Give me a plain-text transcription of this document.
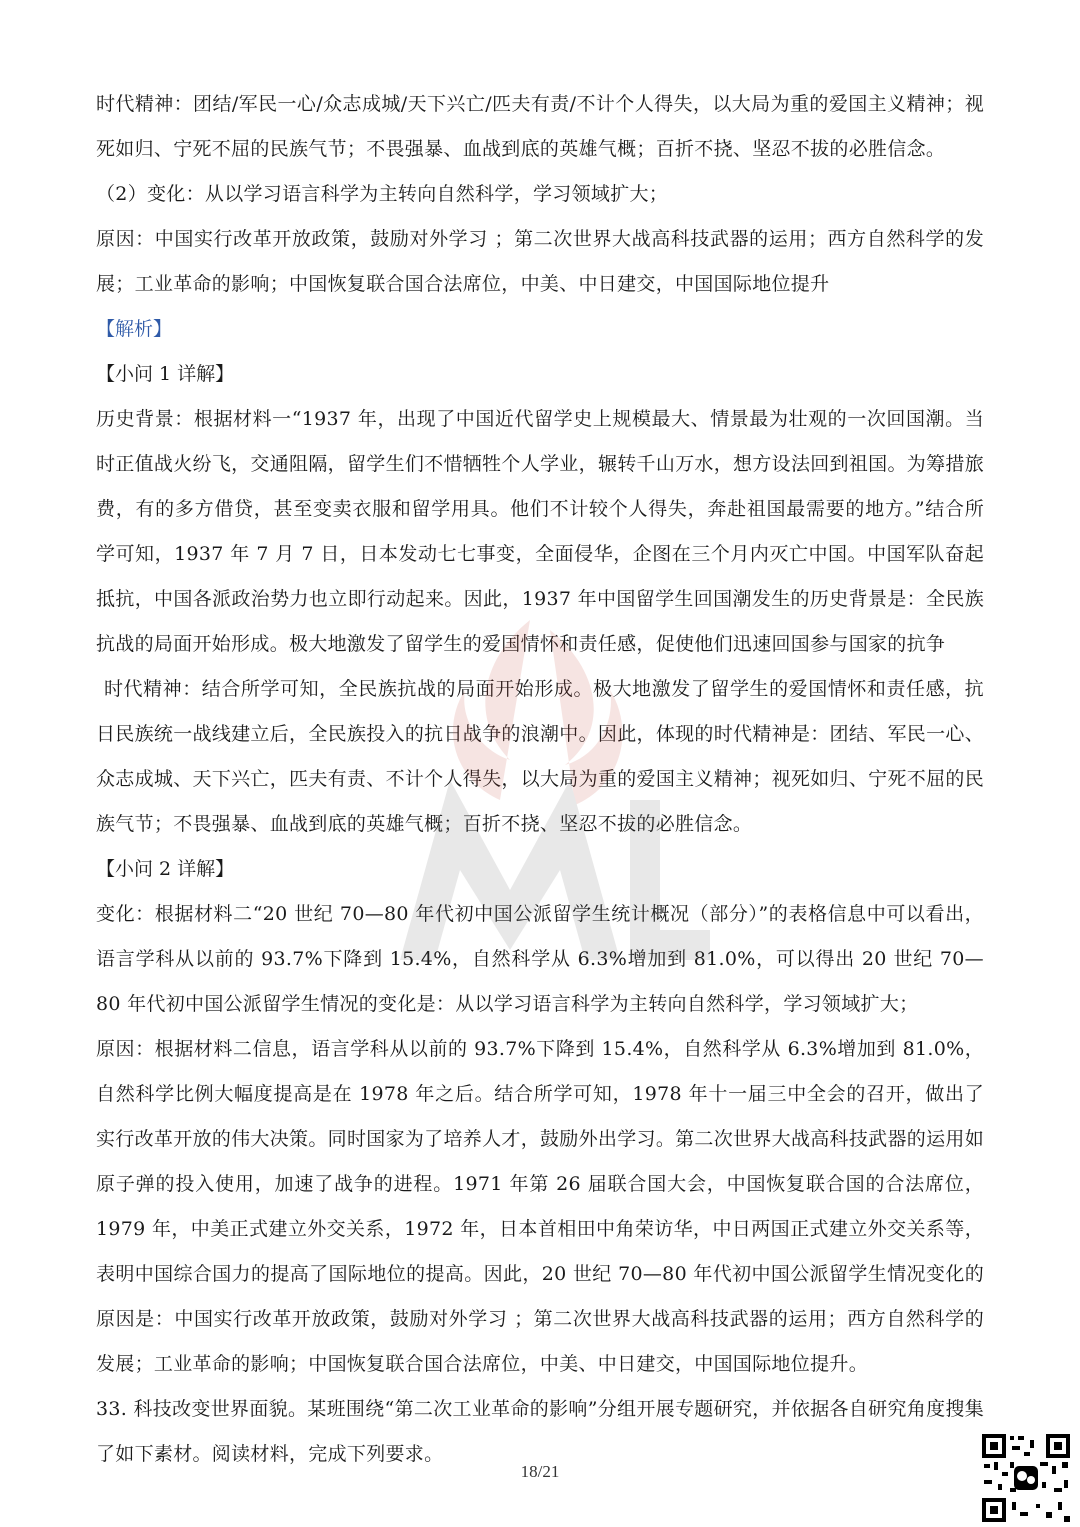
时代精神：团结/军民一心/众志成城/天下兴亡/匹夫有责/不计个人得失，以大局为重的爱国主义精神；视死如归、宁死不屈的民族气节；不畏强暴、血战到底的英雄气概；百折不挠、坚忍不拔的必胜信念。

（2）变化：从以学习语言科学为主转向自然科学，学习领域扩大；

原因：中国实行改革开放政策，鼓励对外学习 ；第二次世界大战高科技武器的运用；西方自然科学的发展；工业革命的影响；中国恢复联合国合法席位，中美、中日建交，中国国际地位提升

【解析】

【小问 1 详解】

历史背景：根据材料一“1937 年，出现了中国近代留学史上规模最大、情景最为壮观的一次回国潮。当时正值战火纷飞，交通阻隔，留学生们不惜牺牲个人学业，辗转千山万水，想方设法回到祖国。为筹措旅费，有的多方借贷，甚至变卖衣服和留学用具。他们不计较个人得失，奔赴祖国最需要的地方。”结合所学可知，1937 年 7 月 7 日，日本发动七七事变，全面侵华，企图在三个月内灭亡中国。中国军队奋起抵抗，中国各派政治势力也立即行动起来。因此，1937 年中国留学生回国潮发生的历史背景是：全民族抗战的局面开始形成。极大地激发了留学生的爱国情怀和责任感，促使他们迅速回国参与国家的抗争

时代精神：结合所学可知，全民族抗战的局面开始形成。极大地激发了留学生的爱国情怀和责任感，抗日民族统一战线建立后，全民族投入的抗日战争的浪潮中。因此，体现的时代精神是：团结、军民一心、众志成城、天下兴亡，匹夫有责、不计个人得失，以大局为重的爱国主义精神；视死如归、宁死不屈的民族气节；不畏强暴、血战到底的英雄气概；百折不挠、坚忍不拔的必胜信念。

【小问 2 详解】

变化：根据材料二“20 世纪 70—80 年代初中国公派留学生统计概况（部分）”的表格信息中可以看出，语言学科从以前的 93.7%下降到 15.4%，自然科学从 6.3%增加到 81.0%，可以得出 20 世纪 70—80 年代初中国公派留学生情况的变化是：从以学习语言科学为主转向自然科学，学习领域扩大；

原因：根据材料二信息，语言学科从以前的 93.7%下降到 15.4%，自然科学从 6.3%增加到 81.0%，自然科学比例大幅度提高是在 1978 年之后。结合所学可知，1978 年十一届三中全会的召开，做出了实行改革开放的伟大决策。同时国家为了培养人才，鼓励外出学习。第二次世界大战高科技武器的运用如原子弹的投入使用，加速了战争的进程。1971 年第 26 届联合国大会，中国恢复联合国的合法席位，1979 年，中美正式建立外交关系，1972 年，日本首相田中角荣访华，中日两国正式建立外交关系等，表明中国综合国力的提高了国际地位的提高。因此，20 世纪 70—80 年代初中国公派留学生情况变化的原因是：中国实行改革开放政策，鼓励对外学习 ；第二次世界大战高科技武器的运用；西方自然科学的发展；工业革命的影响；中国恢复联合国合法席位，中美、中日建交，中国国际地位提升。

33. 科技改变世界面貌。某班围绕“第二次工业革命的影响”分组开展专题研究，并依据各自研究角度搜集了如下素材。阅读材料，完成下列要求。

18/21
